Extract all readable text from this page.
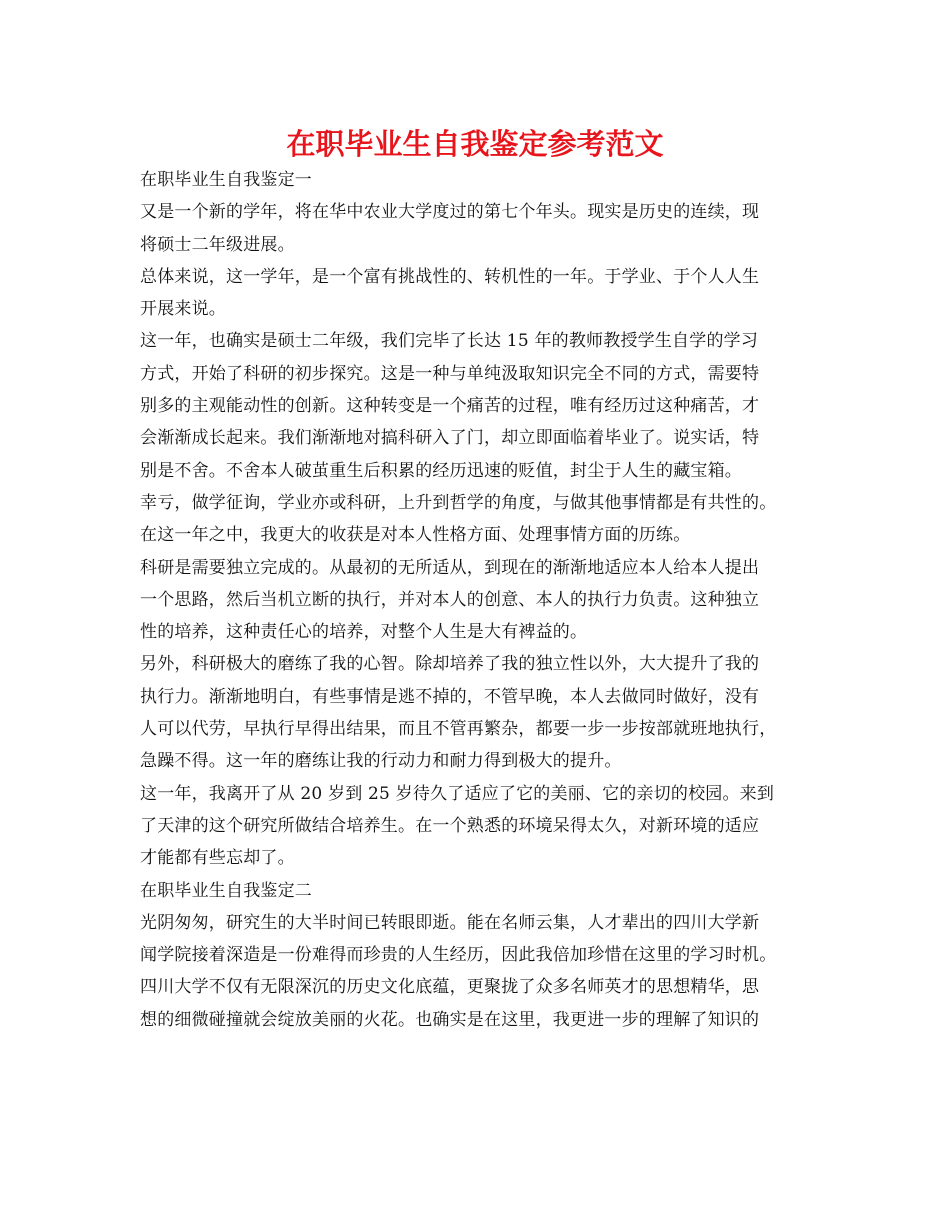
在职毕业生自我鉴定参考范文
在职毕业生自我鉴定一
又是一个新的学年，将在华中农业大学度过的第七个年头。现实是历史的连续，现
将硕士二年级进展。
总体来说，这一学年，是一个富有挑战性的、转机性的一年。于学业、于个人人生
开展来说。
这一年，也确实是硕士二年级，我们完毕了长达 15 年的教师教授学生自学的学习
方式，开始了科研的初步探究。这是一种与单纯汲取知识完全不同的方式，需要特
别多的主观能动性的创新。这种转变是一个痛苦的过程，唯有经历过这种痛苦，才
会渐渐成长起来。我们渐渐地对搞科研入了门，却立即面临着毕业了。说实话，特
别是不舍。不舍本人破茧重生后积累的经历迅速的贬值，封尘于人生的藏宝箱。
幸亏，做学征询，学业亦或科研，上升到哲学的角度，与做其他事情都是有共性的。
在这一年之中，我更大的收获是对本人性格方面、处理事情方面的历练。
科研是需要独立完成的。从最初的无所适从，到现在的渐渐地适应本人给本人提出
一个思路，然后当机立断的执行，并对本人的创意、本人的执行力负责。这种独立
性的培养，这种责任心的培养，对整个人生是大有裨益的。
另外，科研极大的磨练了我的心智。除却培养了我的独立性以外，大大提升了我的
执行力。渐渐地明白，有些事情是逃不掉的，不管早晚，本人去做同时做好，没有
人可以代劳，早执行早得出结果，而且不管再繁杂，都要一步一步按部就班地执行，
急躁不得。这一年的磨练让我的行动力和耐力得到极大的提升。
这一年，我离开了从 20 岁到 25 岁待久了适应了它的美丽、它的亲切的校园。来到
了天津的这个研究所做结合培养生。在一个熟悉的环境呆得太久，对新环境的适应
才能都有些忘却了。
在职毕业生自我鉴定二
光阴匆匆，研究生的大半时间已转眼即逝。能在名师云集，人才辈出的四川大学新
闻学院接着深造是一份难得而珍贵的人生经历，因此我倍加珍惜在这里的学习时机。
四川大学不仅有无限深沉的历史文化底蕴，更聚拢了众多名师英才的思想精华，思
想的细微碰撞就会绽放美丽的火花。也确实是在这里，我更进一步的理解了知识的
